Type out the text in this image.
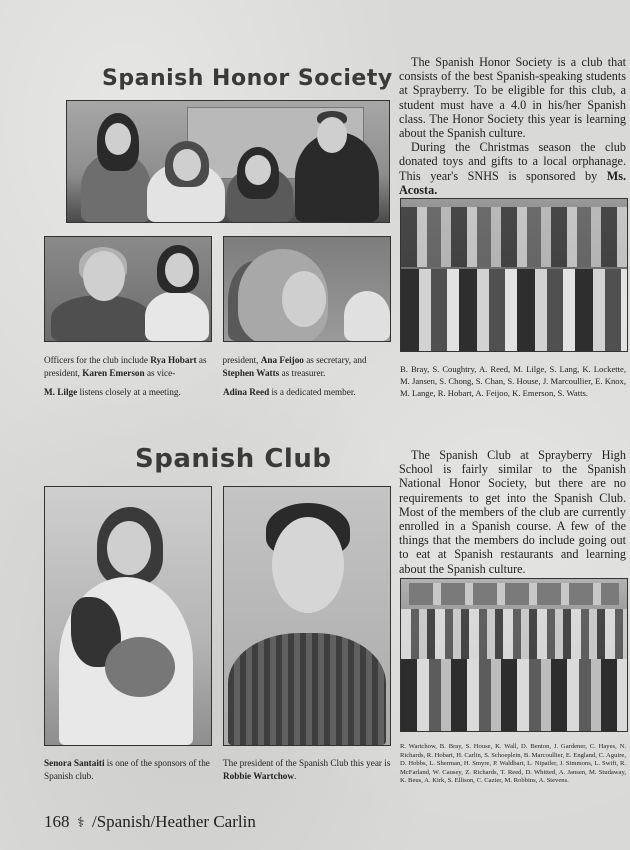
Spanish Honor Society
Spanish Club

The Spanish Honor Society is a club that consists of the best Spanish-speaking students at Sprayberry. To be eligible for this club, a student must have a 4.0 in his/her Spanish class. The Honor Society this year is learning about the Spanish culture.

During the Christmas season the club donated toys and gifts to a local orphanage. This year's SNHS is sponsored by Ms. Acosta.

Officers for the club include Rya Hobart as president, Karen Emerson as vice-president, Ana Feijoo as secretary, and Stephen Watts as treasurer.
M. Lilge listens closely at a meeting.	Adina Reed is a dedicated member.
B. Bray, S. Coughtry, A. Reed, M. Lilge, S. Lang, K. Lockette, M. Jansen, S. Chong, S. Chan, S. House, J. Marcoullier, E. Knox, M. Lange, R. Hobart, A. Feijoo, K. Emerson, S. Watts.
The Spanish Club at Sprayberry High School is fairly similar to the Spanish National Honor Society, but there are no requirements to get into the Spanish Club. Most of the members of the club are currently enrolled in a Spanish course. A few of the things that the members do include going out to eat at Spanish restaurants and learning about the Spanish culture.
Senora Santaiti is one of the sponsors of the Spanish club.
The president of the Spanish Club this year is Robbie Wartchow.
R. Wartchow, B. Bray, S. House, K. Wall, D. Benton, J. Gardener, C. Hayes, N. Richards, R. Hobart, H. Carlin, S. Schoeplein, B. Marcoullier, E. England, C. Aguire, D. Hobbs, L. Sherman, H. Smyre, P. Waldbart, L. Nipailer, J. Simmons, L. Swift, R. McFarland, W. Causey, Z. Richards, T. Reed, D. Whitted, A. Jansen, M. Studaway, K. Beus, A. Kirk, S. Ellison, C. Cazier, M. Robbins, A. Stevens.
168 ⚕ /Spanish/Heather Carlin
